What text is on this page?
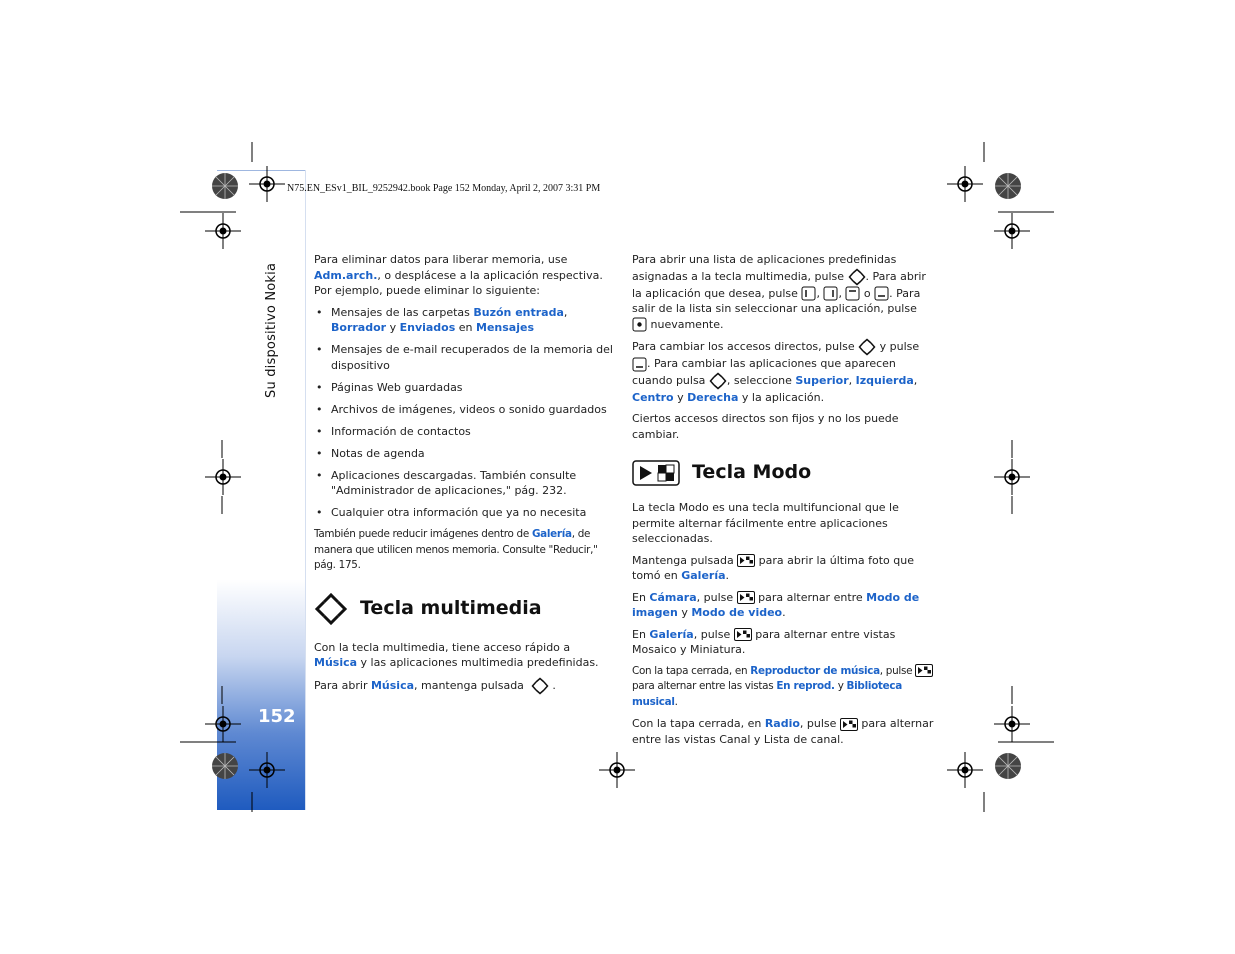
Su dispositivo Nokia
152
N75.EN_ESv1_BIL_9252942.book Page 152 Monday, April 2, 2007 3:31 PM

Para eliminar datos para liberar memoria, use Adm.arch., o desplácese a la aplicación respectiva. Por ejemplo, puede eliminar lo siguiente:

• Mensajes de las carpetas Buzón entrada, Borrador y Enviados en Mensajes
• Mensajes de e-mail recuperados de la memoria del dispositivo
• Páginas Web guardadas
• Archivos de imágenes, videos o sonido guardados
• Información de contactos
• Notas de agenda
• Aplicaciones descargadas. También consulte "Administrador de aplicaciones," pág. 232.
• Cualquier otra información que ya no necesita

También puede reducir imágenes dentro de Galería, de manera que utilicen menos memoria. Consulte "Reducir," pág. 175.

Tecla multimedia

Con la tecla multimedia, tiene acceso rápido a Música y las aplicaciones multimedia predefinidas.

Para abrir Música, mantenga pulsada   .

Para abrir una lista de aplicaciones predefinidas asignadas a la tecla multimedia, pulse . Para abrir la aplicación que desea, pulse , ,  o . Para salir de la lista sin seleccionar una aplicación, pulse  nuevamente.

Para cambiar los accesos directos, pulse  y pulse . Para cambiar las aplicaciones que aparecen cuando pulsa , seleccione Superior, Izquierda, Centro y Derecha y la aplicación.

Ciertos accesos directos son fijos y no los puede cambiar.

Tecla Modo

La tecla Modo es una tecla multifuncional que le permite alternar fácilmente entre aplicaciones seleccionadas.

Mantenga pulsada  para abrir la última foto que tomó en Galería.

En Cámara, pulse  para alternar entre Modo de imagen y Modo de video.

En Galería, pulse  para alternar entre vistas Mosaico y Miniatura.

Con la tapa cerrada, en Reproductor de música, pulse  para alternar entre las vistas En reprod. y Biblioteca musical.

Con la tapa cerrada, en Radio, pulse  para alternar entre las vistas Canal y Lista de canal.
